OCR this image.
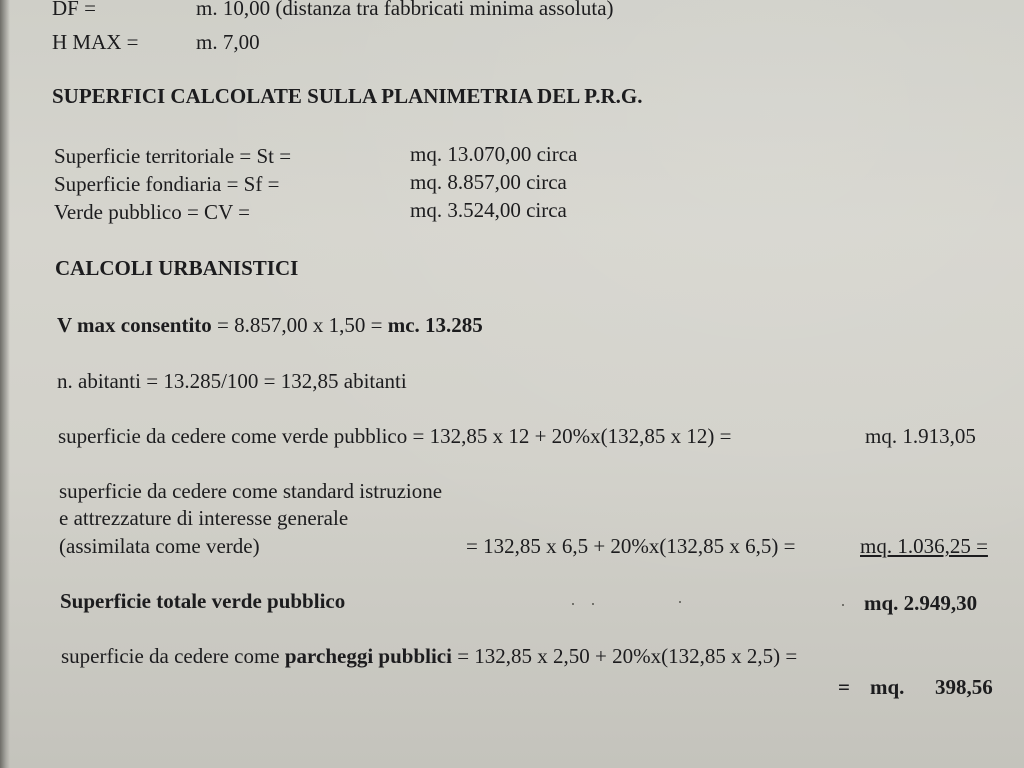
DF =	m. 10,00 (distanza tra fabbricati minima assoluta)
H MAX =	m. 7,00
SUPERFICI CALCOLATE SULLA PLANIMETRIA DEL P.R.G.
Superficie territoriale = St =	mq. 13.070,00 circa
Superficie fondiaria = Sf =	mq. 8.857,00 circa
Verde pubblico = CV =	mq. 3.524,00 circa
CALCOLI URBANISTICI
V max consentito = 8.857,00 x 1,50 = mc. 13.285
n. abitanti = 13.285/100 = 132,85 abitanti
superficie da cedere come verde pubblico = 132,85 x 12 + 20%x(132,85 x 12) =	mq. 1.913,05
superficie da cedere come standard istruzione
e attrezzature di interesse generale
(assimilata come verde)	= 132,85 x 6,5 + 20%x(132,85 x 6,5) =	mq. 1.036,25 =
Superficie totale verde pubblico	mq. 2.949,30
superficie da cedere come parcheggi pubblici = 132,85 x 2,50 + 20%x(132,85 x 2,5) =
= mq. 398,56
